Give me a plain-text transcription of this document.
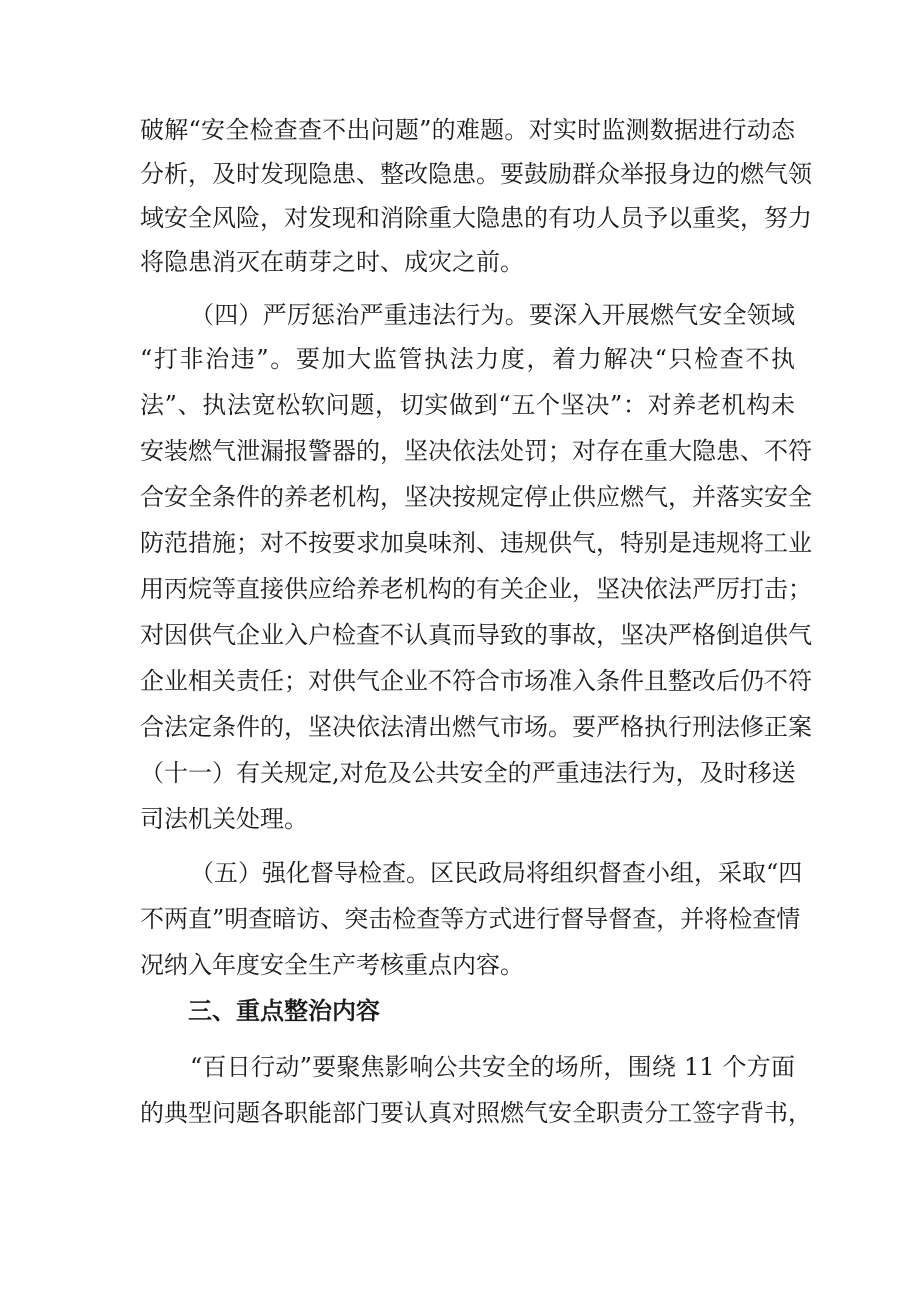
破解“安全检查查不出问题”的难题。对实时监测数据进行动态
分析，及时发现隐患、整改隐患。要鼓励群众举报身边的燃气领
域安全风险，对发现和消除重大隐患的有功人员予以重奖，努力
将隐患消灭在萌芽之时、成灾之前。
（四）严厉惩治严重违法行为。要深入开展燃气安全领域
“打非治违”。要加大监管执法力度，着力解决“只检查不执
法”、执法宽松软问题，切实做到“五个坚决”：对养老机构未
安装燃气泄漏报警器的，坚决依法处罚；对存在重大隐患、不符
合安全条件的养老机构，坚决按规定停止供应燃气，并落实安全
防范措施；对不按要求加臭味剂、违规供气，特别是违规将工业
用丙烷等直接供应给养老机构的有关企业，坚决依法严厉打击；
对因供气企业入户检查不认真而导致的事故，坚决严格倒追供气
企业相关责任；对供气企业不符合市场准入条件且整改后仍不符
合法定条件的，坚决依法清出燃气市场。要严格执行刑法修正案
（十一）有关规定,对危及公共安全的严重违法行为，及时移送
司法机关处理。
（五）强化督导检查。区民政局将组织督查小组，采取“四
不两直”明查暗访、突击检查等方式进行督导督查，并将检查情
况纳入年度安全生产考核重点内容。
三、重点整治内容
“百日行动”要聚焦影响公共安全的场所，围绕 11 个方面
的典型问题各职能部门要认真对照燃气安全职责分工签字背书，
